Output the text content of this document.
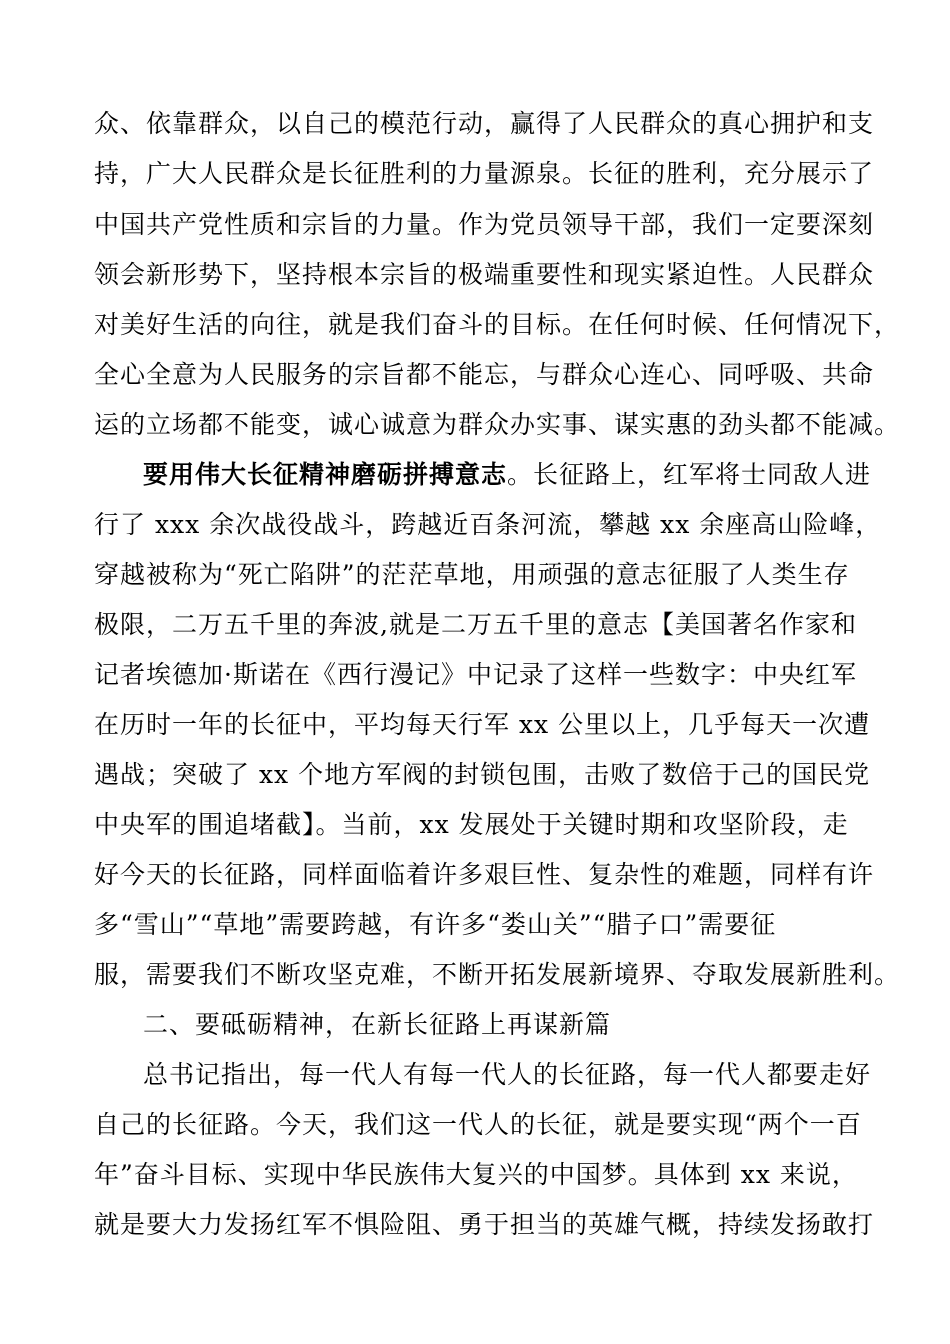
众、依靠群众，以自己的模范行动，赢得了人民群众的真心拥护和支
持，广大人民群众是长征胜利的力量源泉。长征的胜利，充分展示了
中国共产党性质和宗旨的力量。作为党员领导干部，我们一定要深刻
领会新形势下，坚持根本宗旨的极端重要性和现实紧迫性。人民群众
对美好生活的向往，就是我们奋斗的目标。在任何时候、任何情况下，
全心全意为人民服务的宗旨都不能忘，与群众心连心、同呼吸、共命
运的立场都不能变，诚心诚意为群众办实事、谋实惠的劲头都不能减。
要用伟大长征精神磨砺拼搏意志。长征路上，红军将士同敌人进
行了 xxx 余次战役战斗，跨越近百条河流，攀越 xx 余座高山险峰，
穿越被称为“死亡陷阱”的茫茫草地，用顽强的意志征服了人类生存
极限，二万五千里的奔波,就是二万五千里的意志【美国著名作家和
记者埃德加·斯诺在《西行漫记》中记录了这样一些数字：中央红军
在历时一年的长征中，平均每天行军 xx 公里以上，几乎每天一次遭
遇战；突破了 xx 个地方军阀的封锁包围，击败了数倍于己的国民党
中央军的围追堵截】。当前，xx 发展处于关键时期和攻坚阶段，走
好今天的长征路，同样面临着许多艰巨性、复杂性的难题，同样有许
多“雪山”“草地”需要跨越，有许多“娄山关”“腊子口”需要征
服，需要我们不断攻坚克难，不断开拓发展新境界、夺取发展新胜利。
二、要砥砺精神，在新长征路上再谋新篇
总书记指出，每一代人有每一代人的长征路，每一代人都要走好
自己的长征路。今天，我们这一代人的长征，就是要实现“两个一百
年”奋斗目标、实现中华民族伟大复兴的中国梦。具体到 xx 来说，
就是要大力发扬红军不惧险阻、勇于担当的英雄气概，持续发扬敢打
